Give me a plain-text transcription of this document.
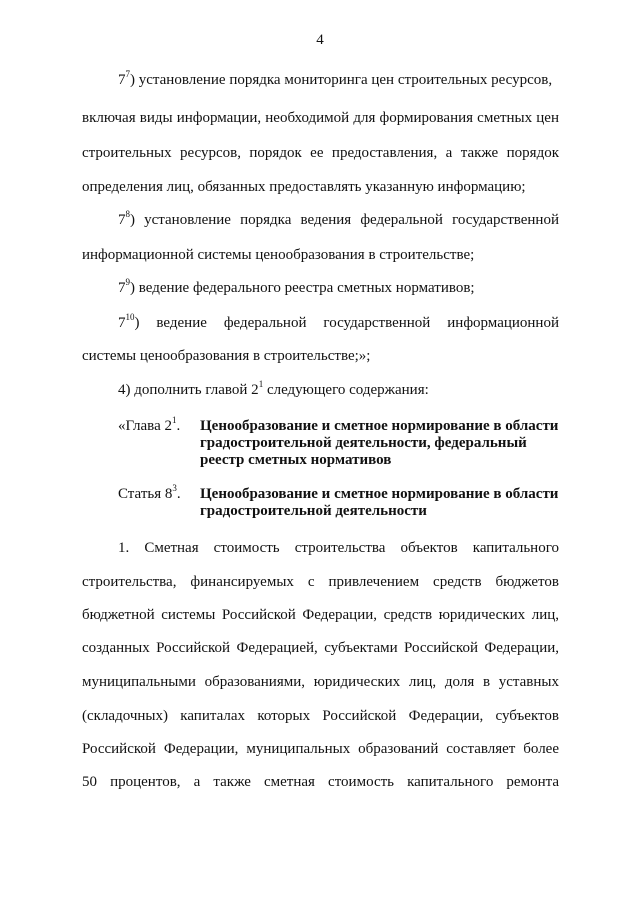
4
$7^7$) установление порядка мониторинга цен строительных ресурсов,
включая виды информации, необходимой для формирования сметных цен
строительных ресурсов, порядок ее предоставления, а также порядок
определения лиц, обязанных предоставлять указанную информацию;
$7^8$) установление порядка ведения федеральной государственной
информационной системы ценообразования в строительстве;
$7^9$) ведение федерального реестра сметных нормативов;
$7^{10}$) ведение федеральной государственной информационной
системы ценообразования в строительстве;»;
4) дополнить главой $2^1$ следующего содержания:
«Глава $2^1$. Ценообразование и сметное нормирование в области
градостроительной деятельности, федеральный
реестр сметных нормативов
Статья $8^3$. Ценообразование и сметное нормирование в области
градостроительной деятельности
1. Сметная стоимость строительства объектов капитального
строительства, финансируемых с привлечением средств бюджетов
бюджетной системы Российской Федерации, средств юридических лиц,
созданных Российской Федерацией, субъектами Российской Федерации,
муниципальными образованиями, юридических лиц, доля в уставных
(складочных) капиталах которых Российской Федерации, субъектов
Российской Федерации, муниципальных образований составляет более
50 процентов, а также сметная стоимость капитального ремонта
